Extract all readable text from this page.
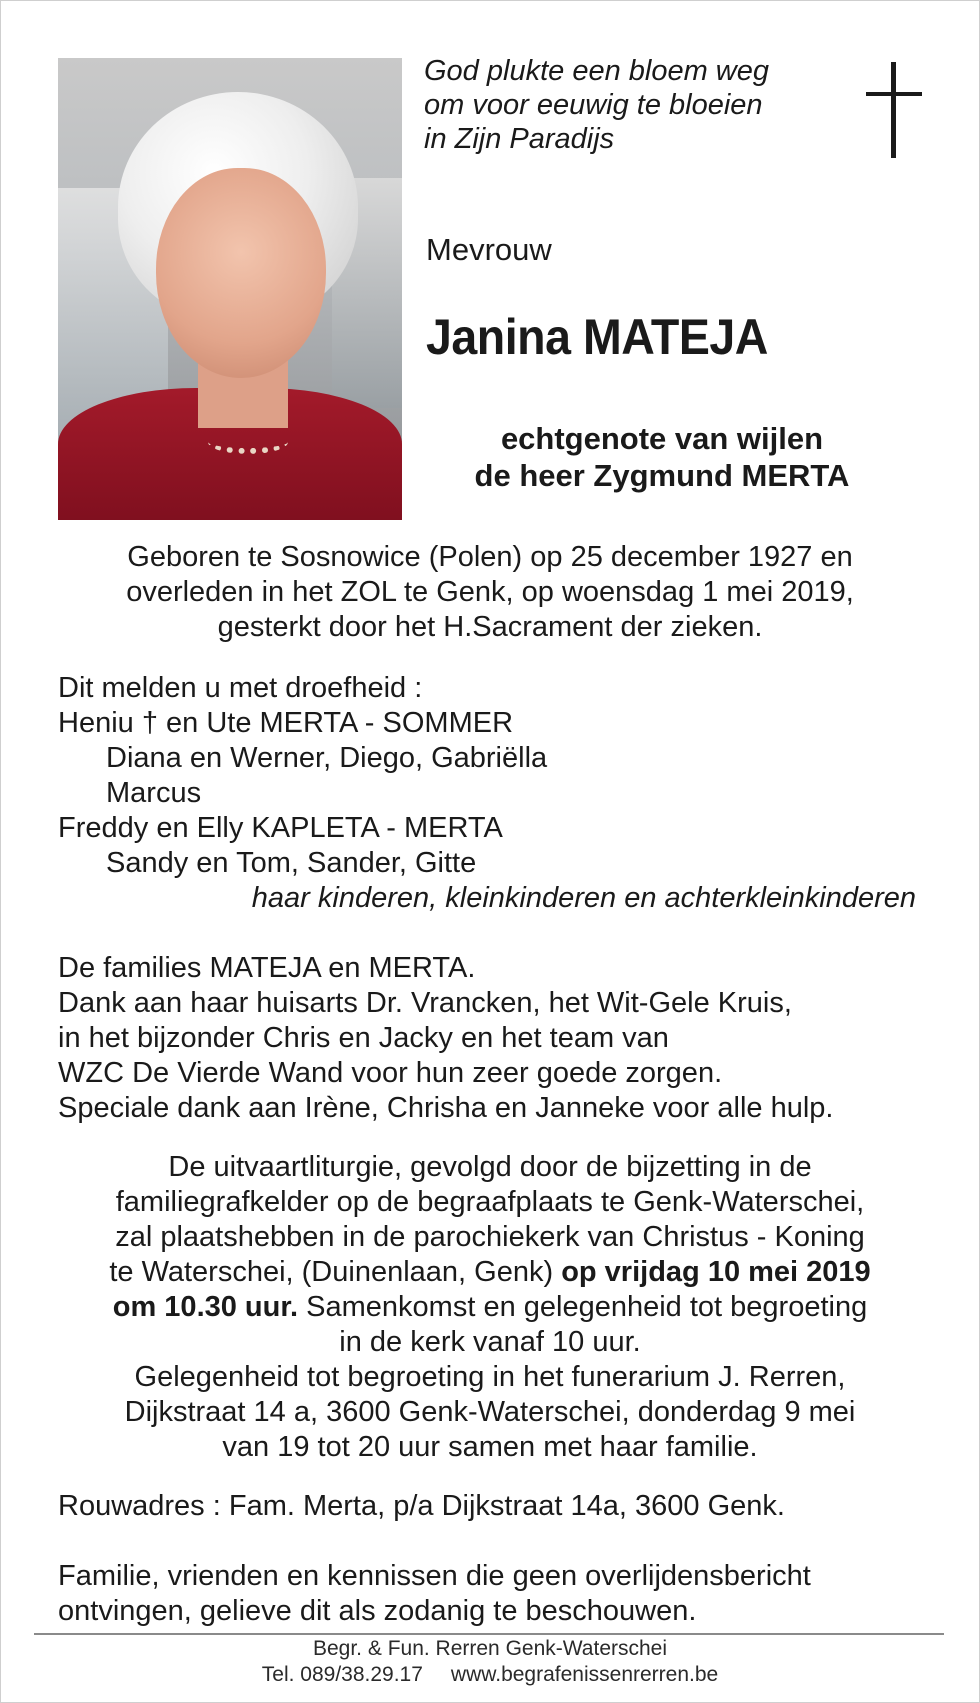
God plukte een bloem weg
om voor eeuwig te bloeien
in Zijn Paradijs
Mevrouw
Janina MATEJA
echtgenote van wijlen
de heer Zygmund MERTA
Geboren te Sosnowice (Polen) op 25 december 1927 en
overleden in het ZOL te Genk, op woensdag 1 mei 2019,
gesterkt door het H.Sacrament der zieken.
Dit melden u met droefheid :
Heniu † en Ute MERTA - SOMMER
Diana en Werner, Diego, Gabriëlla
Marcus
Freddy en Elly KAPLETA - MERTA
Sandy en Tom, Sander, Gitte
haar kinderen, kleinkinderen en achterkleinkinderen
De families MATEJA en MERTA.
Dank aan haar huisarts Dr. Vrancken, het Wit-Gele Kruis,
in het bijzonder Chris en Jacky en het team van
WZC De Vierde Wand voor hun zeer goede zorgen.
Speciale dank aan Irène, Chrisha en Janneke voor alle hulp.
De uitvaartliturgie, gevolgd door de bijzetting in de
familiegrafkelder op de begraafplaats te Genk-Waterschei,
zal plaatshebben in de parochiekerk van Christus - Koning
te Waterschei, (Duinenlaan, Genk) op vrijdag 10 mei 2019
om 10.30 uur. Samenkomst en gelegenheid tot begroeting
in de kerk vanaf 10 uur.
Gelegenheid tot begroeting in het funerarium J. Rerren,
Dijkstraat 14 a, 3600 Genk-Waterschei, donderdag 9 mei
van 19 tot 20 uur samen met haar familie.
Rouwadres : Fam. Merta, p/a Dijkstraat 14a, 3600 Genk.
Familie, vrienden en kennissen die geen overlijdensbericht
ontvingen, gelieve dit als zodanig te beschouwen.
Begr. & Fun. Rerren Genk-Waterschei
Tel. 089/38.29.17 www.begrafenissenrerren.be
